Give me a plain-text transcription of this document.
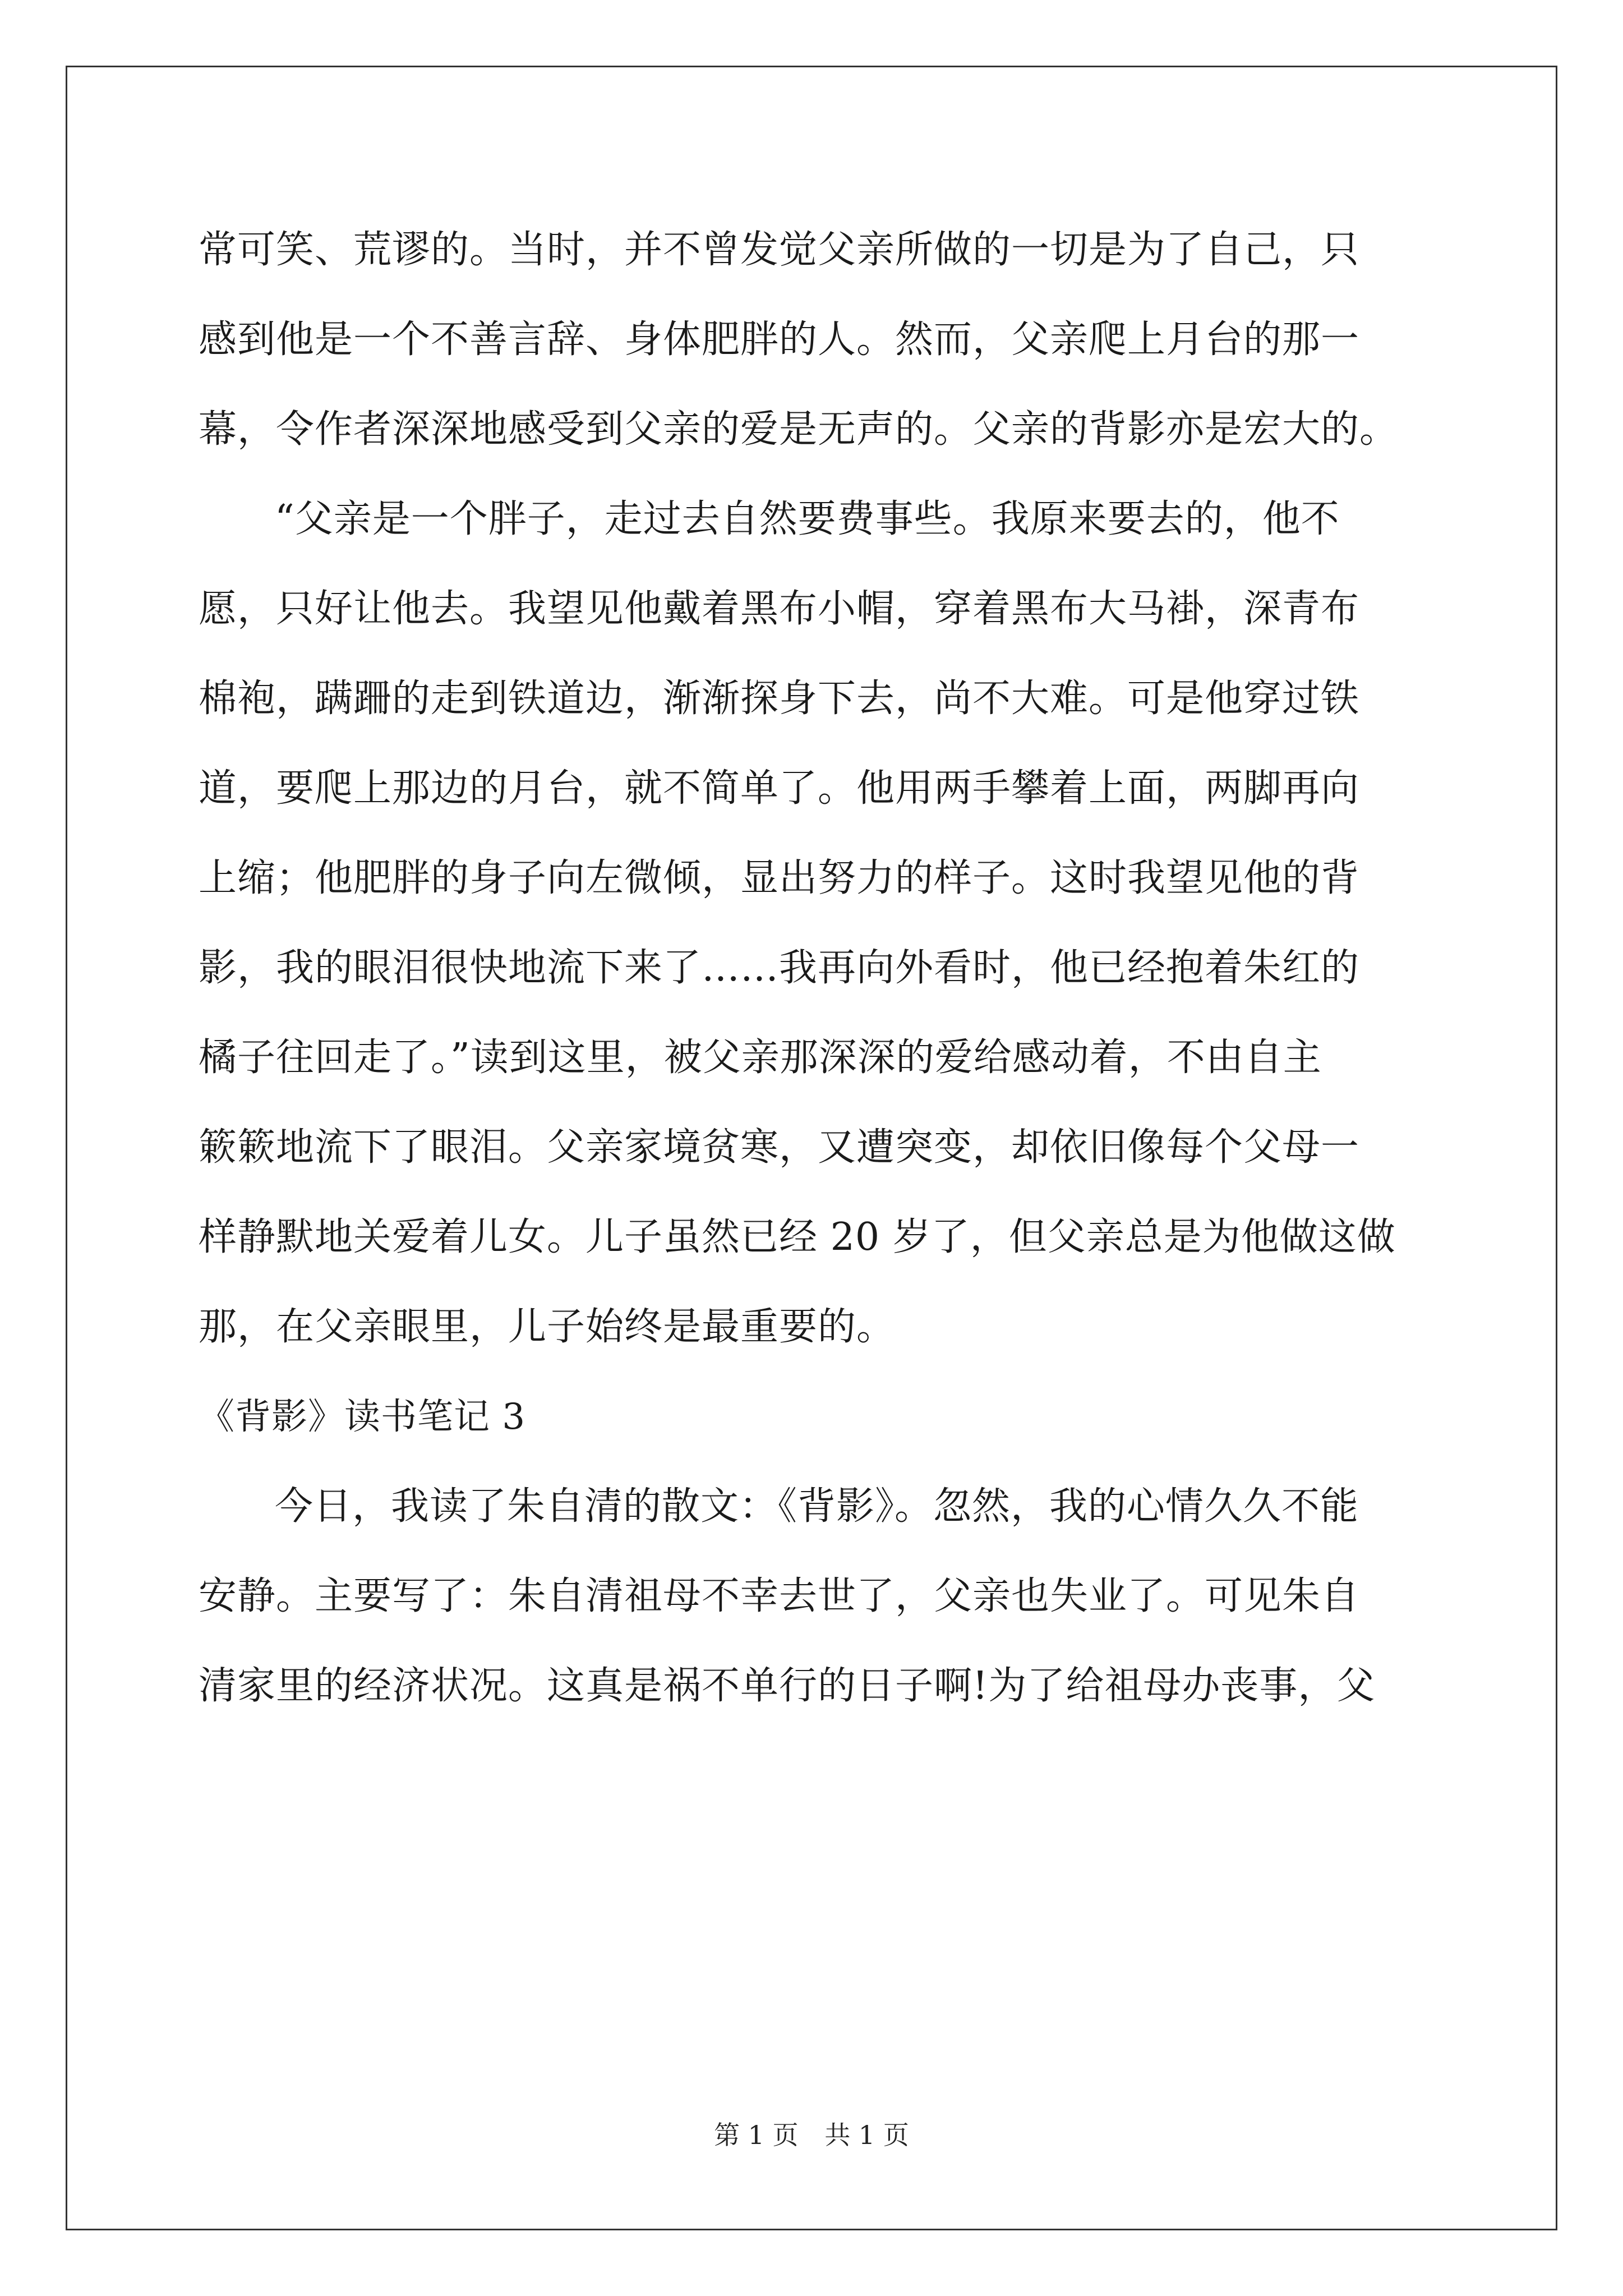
常可笑、荒谬的。当时，并不曾发觉父亲所做的一切是为了自己，只
感到他是一个不善言辞、身体肥胖的人。然而，父亲爬上月台的那一
幕，令作者深深地感受到父亲的爱是无声的。父亲的背影亦是宏大的。
“父亲是一个胖子，走过去自然要费事些。我原来要去的，他不
愿，只好让他去。我望见他戴着黑布小帽，穿着黑布大马褂，深青布
棉袍，蹒跚的走到铁道边，渐渐探身下去，尚不大难。可是他穿过铁
道，要爬上那边的月台，就不简单了。他用两手攀着上面，两脚再向
上缩；他肥胖的身子向左微倾，显出努力的样子。这时我望见他的背
影，我的眼泪很快地流下来了……我再向外看时，他已经抱着朱红的
橘子往回走了。”读到这里，被父亲那深深的爱给感动着，不由自主
簌簌地流下了眼泪。父亲家境贫寒，又遭突变，却依旧像每个父母一
样静默地关爱着儿女。儿子虽然已经 20 岁了，但父亲总是为他做这做
那，在父亲眼里，儿子始终是最重要的。
《背影》读书笔记 3
今日，我读了朱自清的散文：《背影》。忽然，我的心情久久不能
安静。主要写了：朱自清祖母不幸去世了，父亲也失业了。可见朱自
清家里的经济状况。这真是祸不单行的日子啊!为了给祖母办丧事，父
第 1 页 共 1 页
